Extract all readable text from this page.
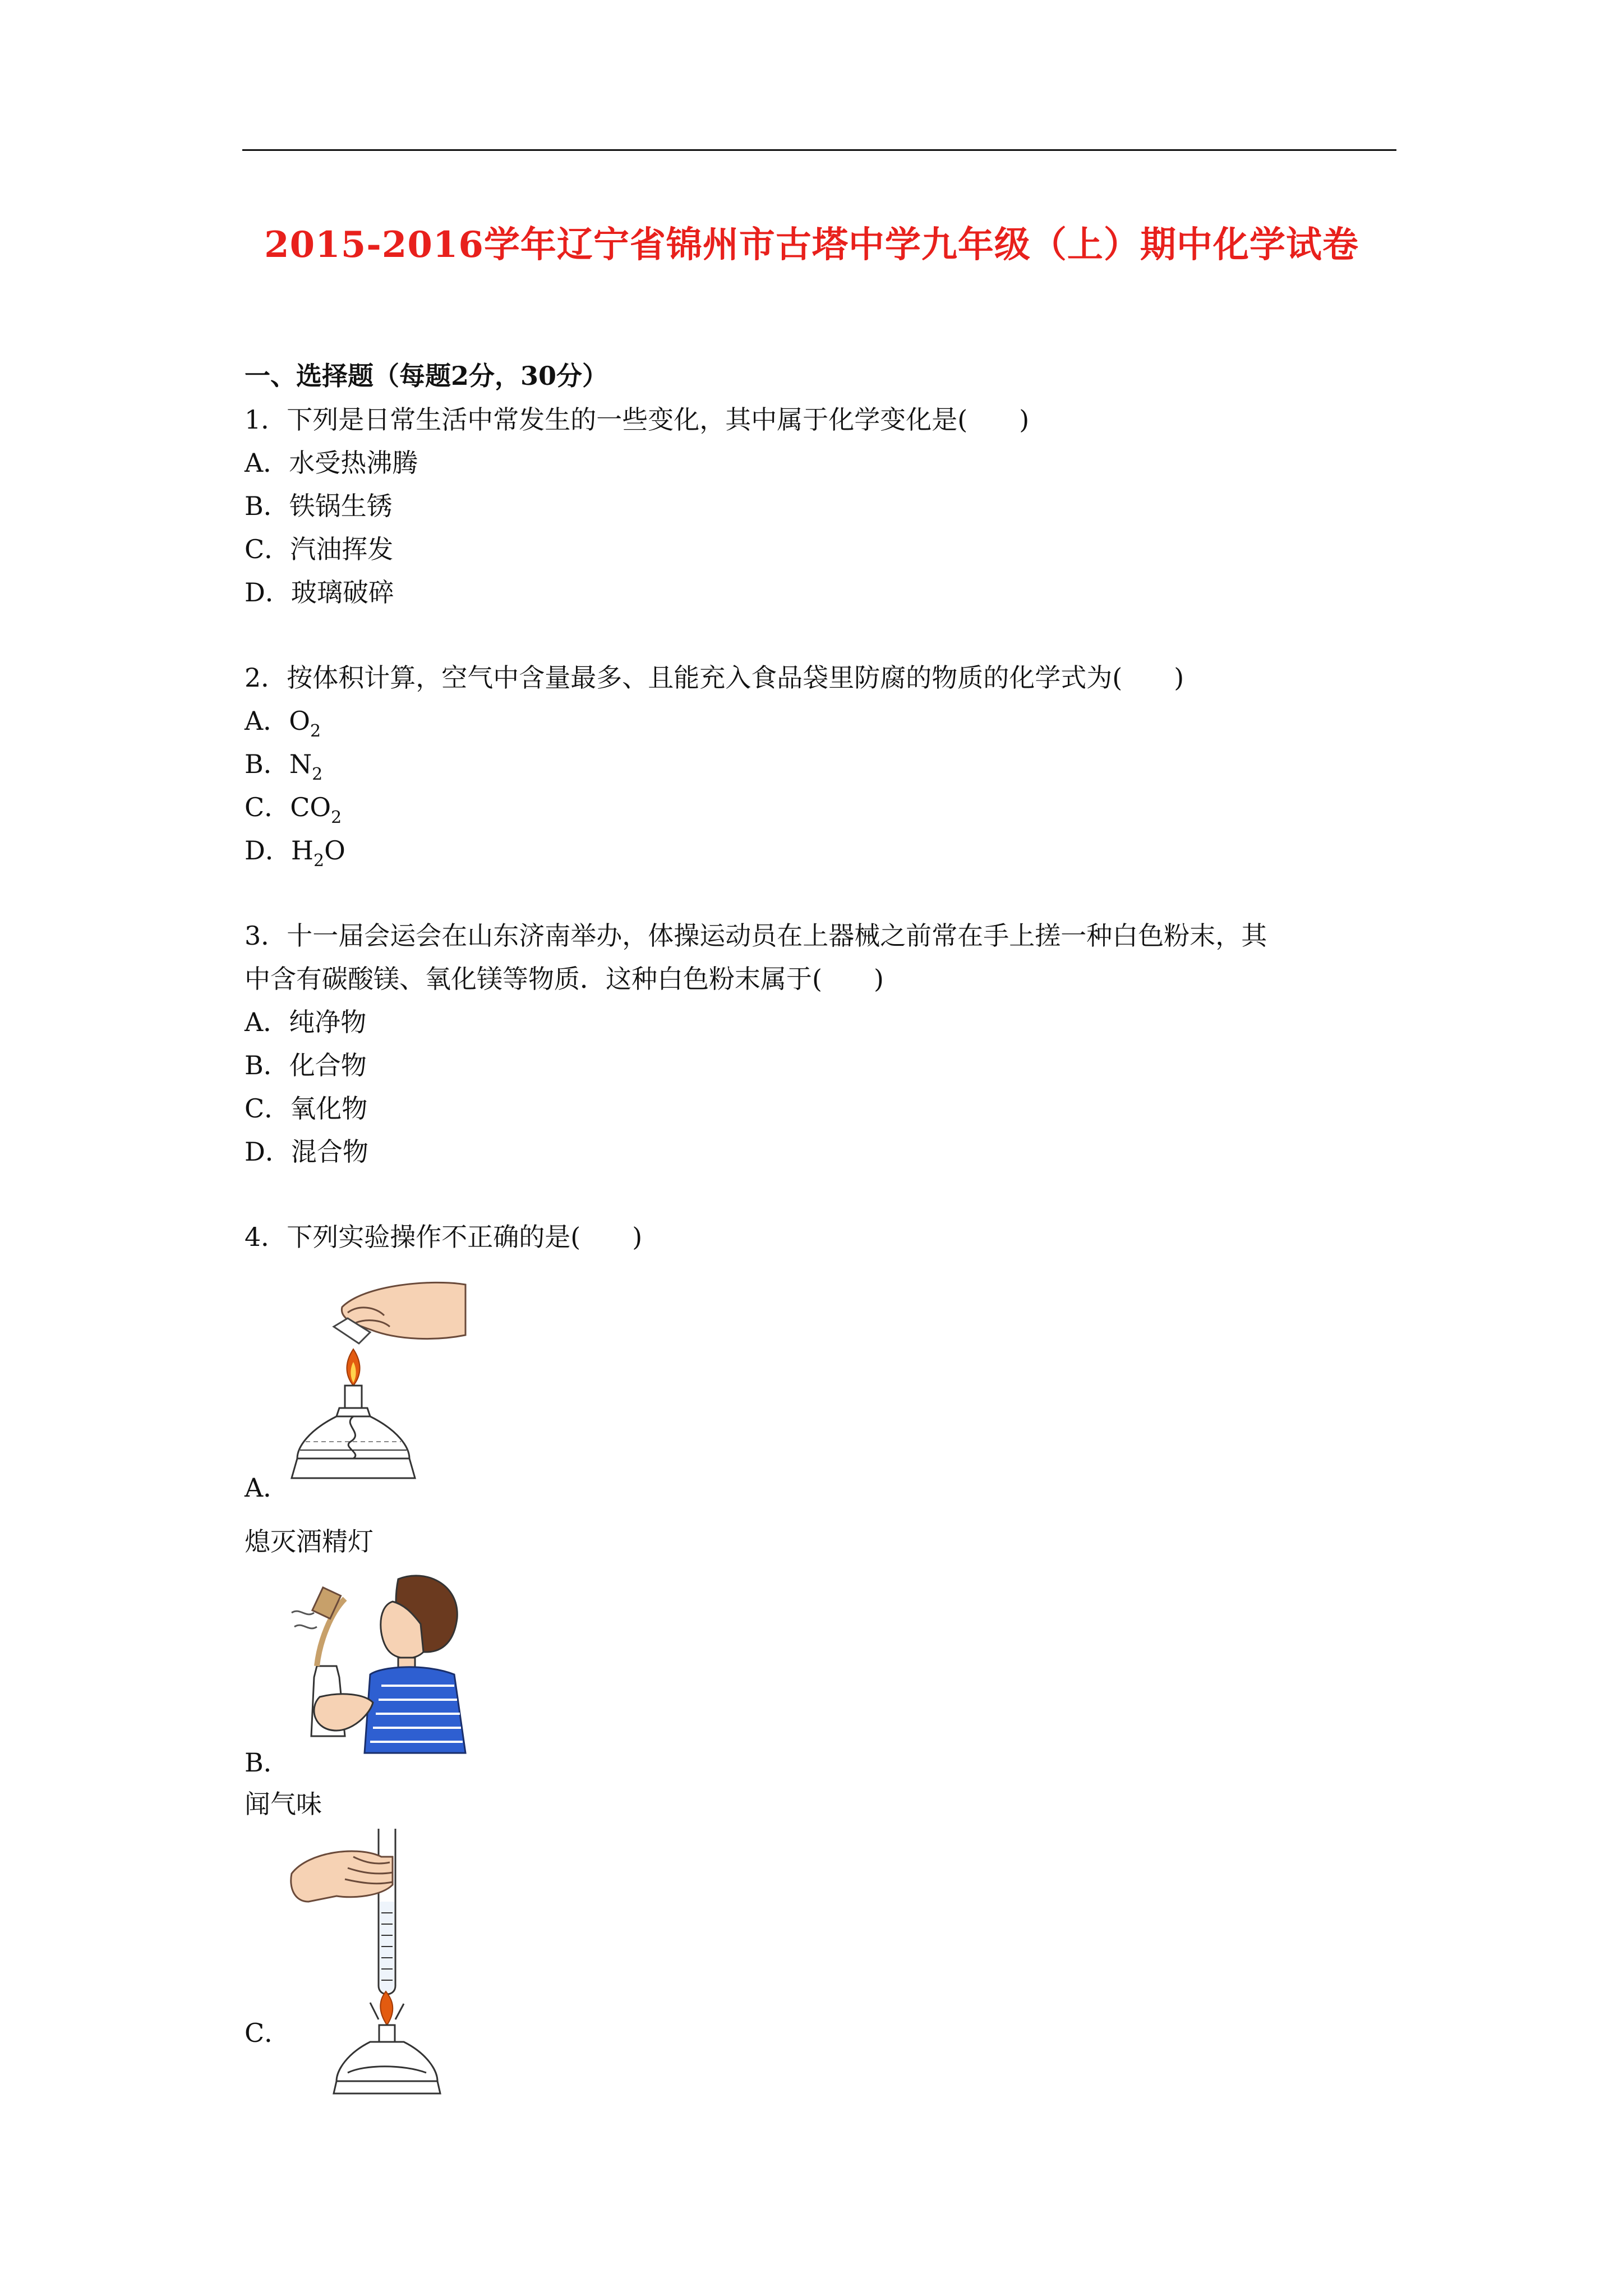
2015-2016学年辽宁省锦州市古塔中学九年级（上）期中化学试卷
一、选择题（每题2分，30分）
1．下列是日常生活中常发生的一些变化，其中属于化学变化是(　　)
A．水受热沸腾
B．铁锅生锈
C．汽油挥发
D．玻璃破碎
2．按体积计算，空气中含量最多、且能充入食品袋里防腐的物质的化学式为(　　)
A．$O_2$
B．$N_2$
C．$CO_2$
D．$H_2O$
3．十一届会运会在山东济南举办，体操运动员在上器械之前常在手上搓一种白色粉末，其
中含有碳酸镁、氧化镁等物质．这种白色粉末属于(　　)
A．纯净物
B．化合物
C．氧化物
D．混合物
4．下列实验操作不正确的是(　　)
A．
熄灭酒精灯
B．
闻气味
C．
